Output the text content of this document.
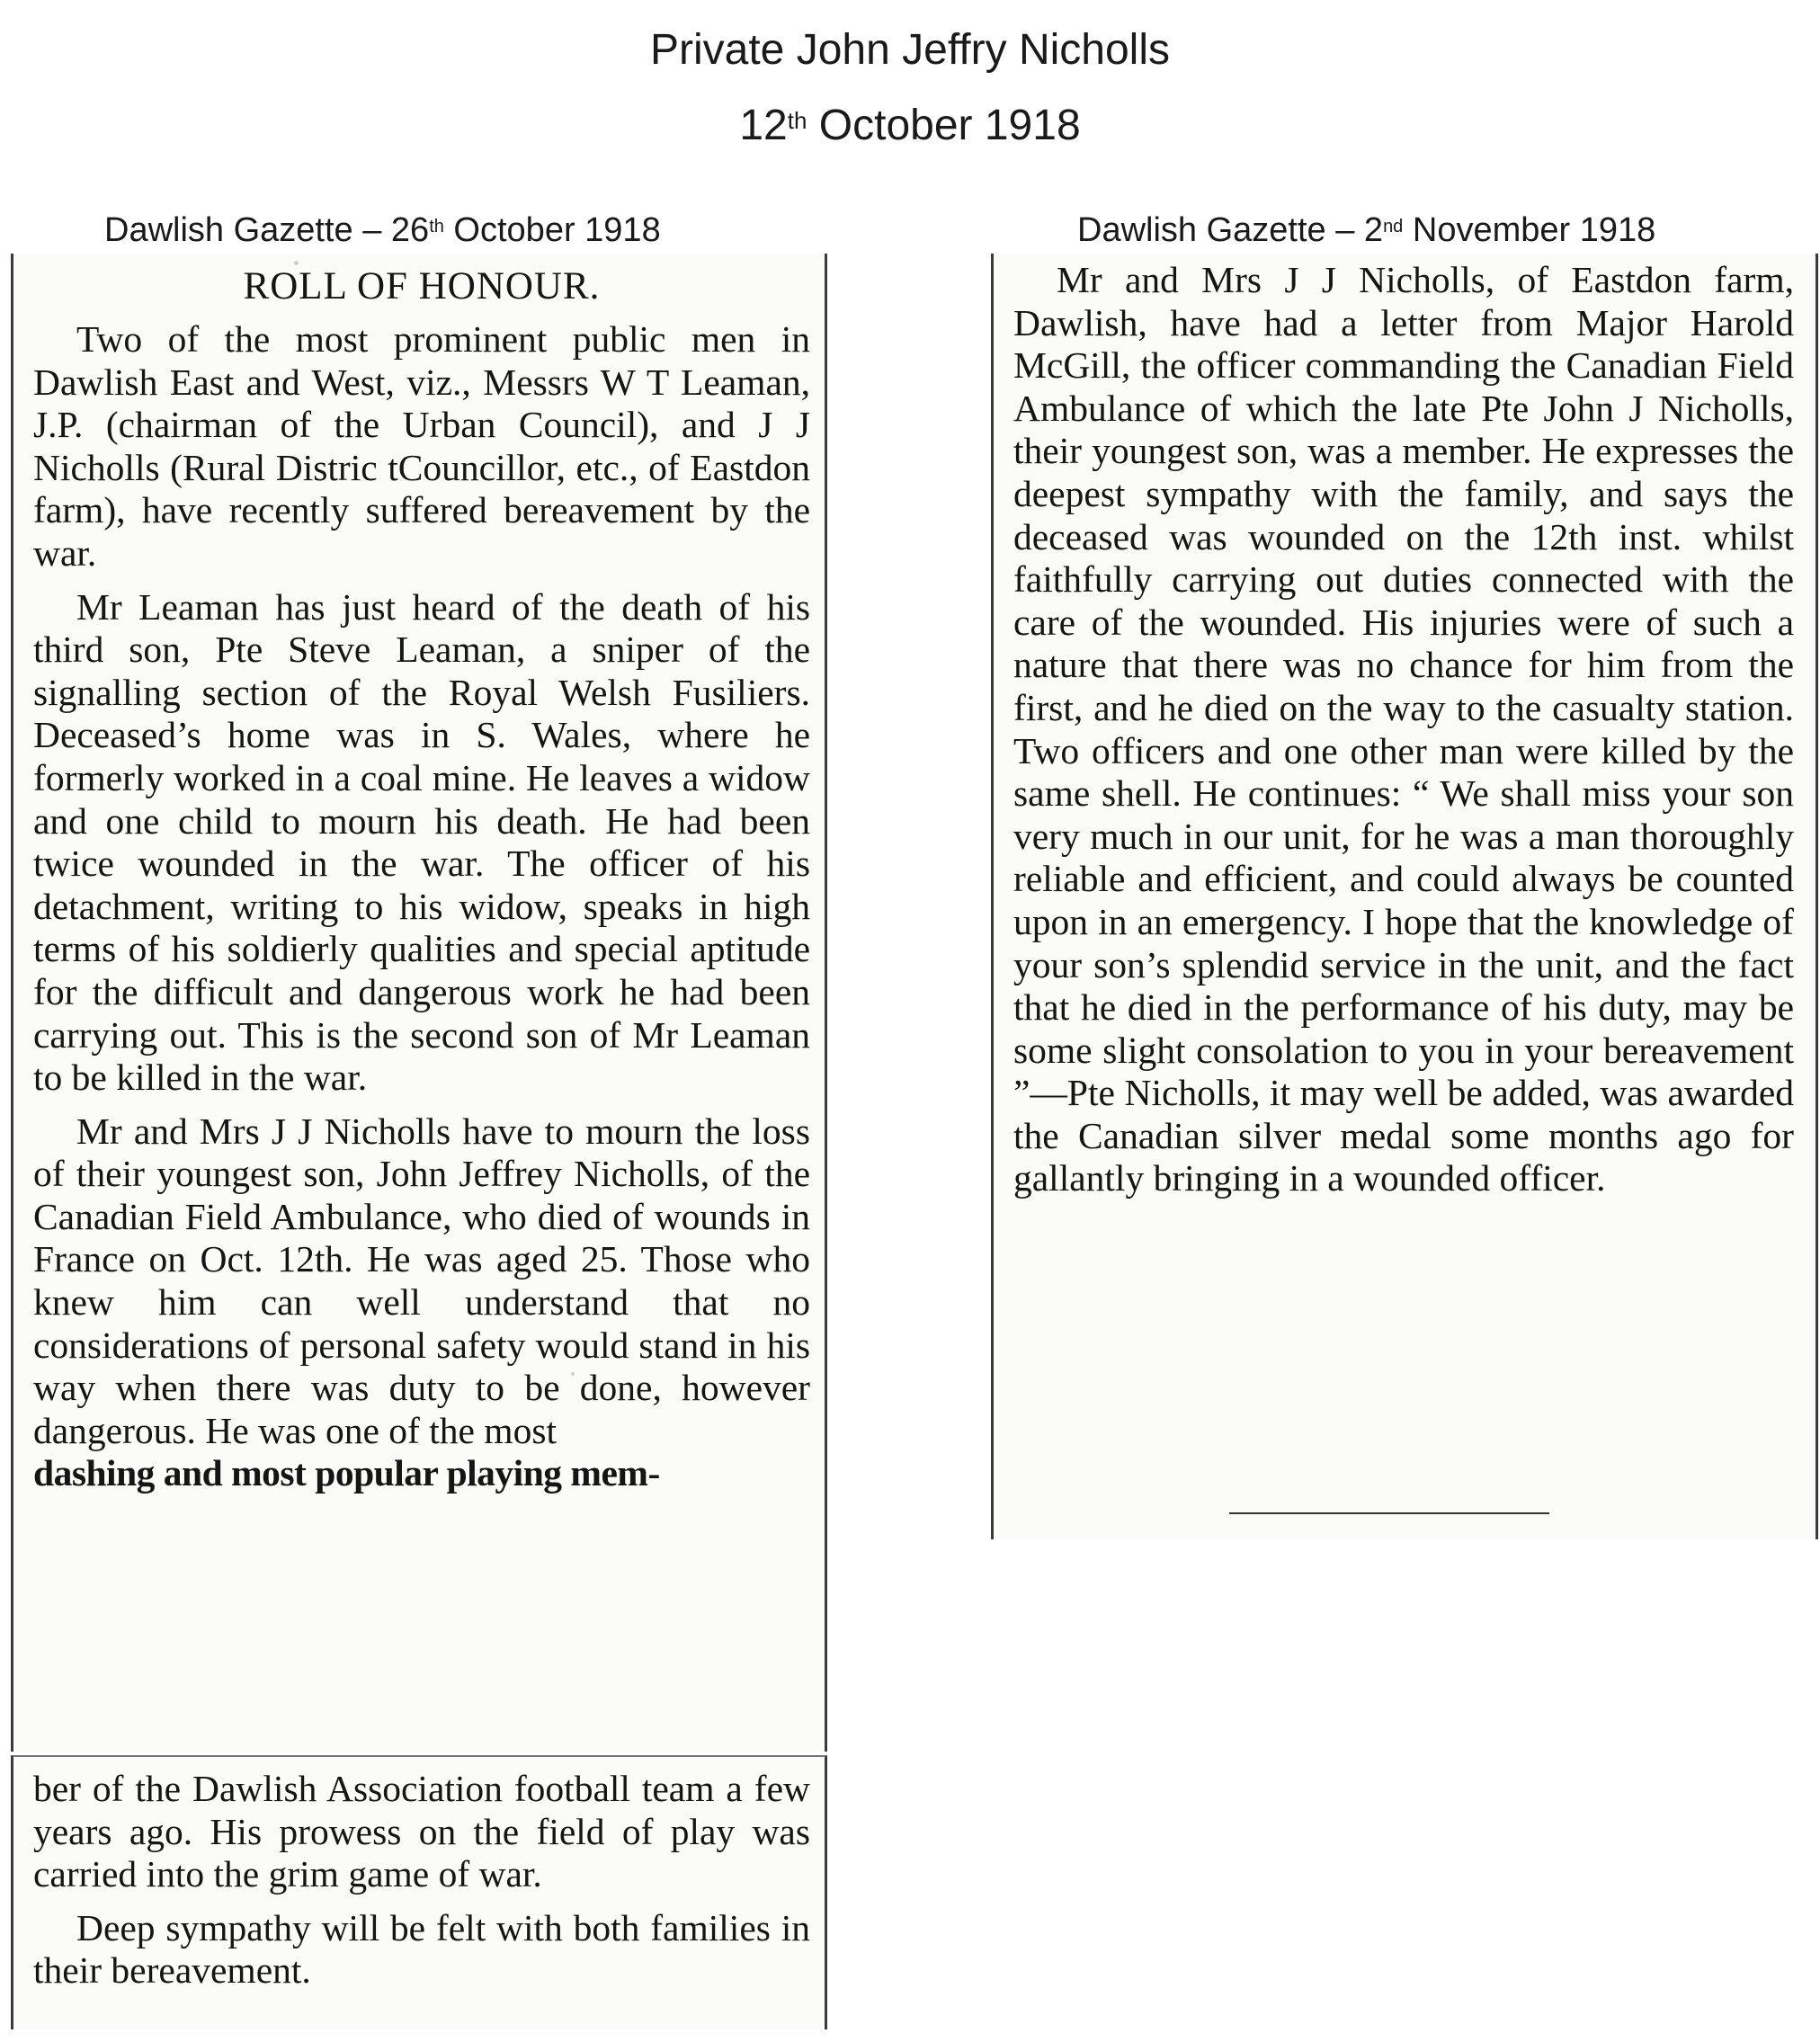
Private John Jeffry Nicholls
12th October 1918
Dawlish Gazette – 26th October 1918	Dawlish Gazette – 2nd November 1918
ROLL OF HONOUR.

Two of the most prominent public men in Dawlish East and West, viz., Messrs W T Leaman, J.P. (chairman of the Urban Council), and J J Nicholls (Rural Distric tCouncillor, etc., of Eastdon farm), have recently suffered bereavement by the war.

Mr Leaman has just heard of the death of his third son, Pte Steve Leaman, a sniper of the signalling section of the Royal Welsh Fusiliers. Deceased’s home was in S. Wales, where he formerly worked in a coal mine. He leaves a widow and one child to mourn his death. He had been twice wounded in the war. The officer of his detachment, writing to his widow, speaks in high terms of his soldierly qualities and special aptitude for the difficult and dangerous work he had been carrying out. This is the second son of Mr Leaman to be killed in the war.

Mr and Mrs J J Nicholls have to mourn the loss of their youngest son, John Jeffrey Nicholls, of the Canadian Field Ambulance, who died of wounds in France on Oct. 12th. He was aged 25. Those who knew him can well understand that no considerations of personal safety would stand in his way when there was duty to be done, however dangerous. He was one of the most

dashing and most popular playing mem-

ber of the Dawlish Association football team a few years ago. His prowess on the field of play was carried into the grim game of war.

Deep sympathy will be felt with both families in their bereavement.

Mr and Mrs J J Nicholls, of Eastdon farm, Dawlish, have had a letter from Major Harold McGill, the officer commanding the Canadian Field Ambulance of which the late Pte John J Nicholls, their youngest son, was a member. He expresses the deepest sympathy with the family, and says the deceased was wounded on the 12th inst. whilst faithfully carrying out duties connected with the care of the wounded. His injuries were of such a nature that there was no chance for him from the first, and he died on the way to the casualty station. Two officers and one other man were killed by the same shell. He continues: “ We shall miss your son very much in our unit, for he was a man thoroughly reliable and efficient, and could always be counted upon in an emergency. I hope that the knowledge of your son’s splendid service in the unit, and the fact that he died in the performance of his duty, may be some slight consolation to you in your bereavement ”—Pte Nicholls, it may well be added, was awarded the Canadian silver medal some months ago for gallantly bringing in a wounded officer.
